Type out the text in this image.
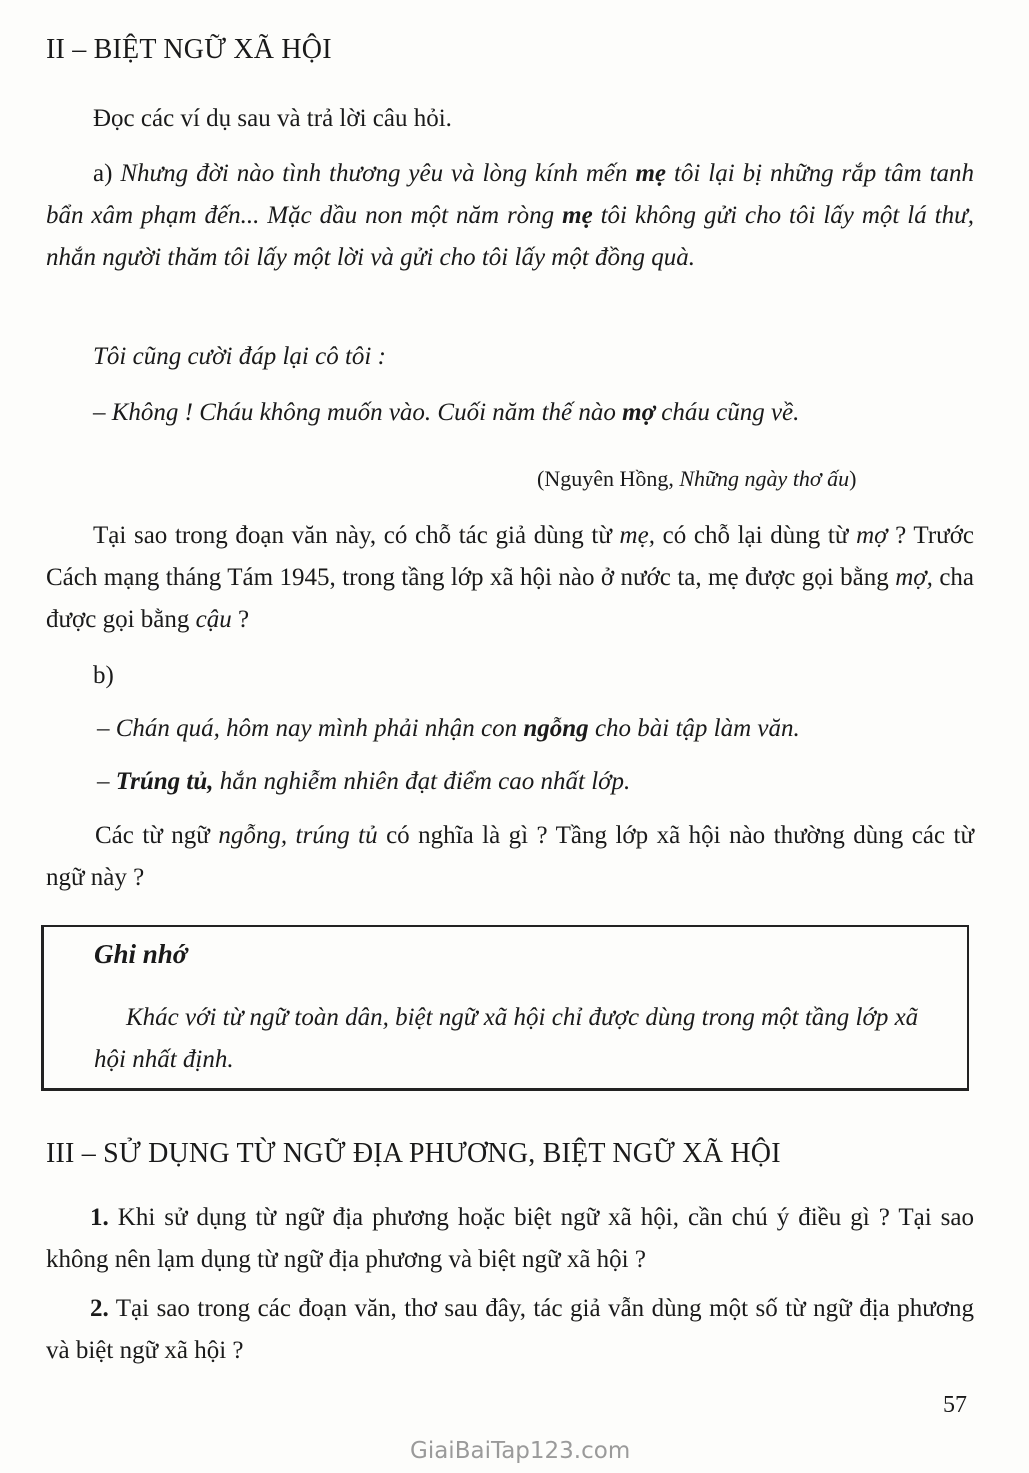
II – BIỆT NGỮ XÃ HỘI

Đọc các ví dụ sau và trả lời câu hỏi.

a) Nhưng đời nào tình thương yêu và lòng kính mến mẹ tôi lại bị những rắp tâm tanh bẩn xâm phạm đến... Mặc dầu non một năm ròng mẹ tôi không gửi cho tôi lấy một lá thư, nhắn người thăm tôi lấy một lời và gửi cho tôi lấy một đồng quà.

Tôi cũng cười đáp lại cô tôi :

– Không ! Cháu không muốn vào. Cuối năm thế nào mợ cháu cũng về.

(Nguyên Hồng, Những ngày thơ ấu)

Tại sao trong đoạn văn này, có chỗ tác giả dùng từ mẹ, có chỗ lại dùng từ mợ ? Trước Cách mạng tháng Tám 1945, trong tầng lớp xã hội nào ở nước ta, mẹ được gọi bằng mợ, cha được gọi bằng cậu ?

b)

– Chán quá, hôm nay mình phải nhận con ngỗng cho bài tập làm văn.

– Trúng tủ, hắn nghiễm nhiên đạt điểm cao nhất lớp.

Các từ ngữ ngỗng, trúng tủ có nghĩa là gì ? Tầng lớp xã hội nào thường dùng các từ ngữ này ?

Ghi nhớ

Khác với từ ngữ toàn dân, biệt ngữ xã hội chỉ được dùng trong một tầng lớp xã hội nhất định.

III – SỬ DỤNG TỪ NGỮ ĐỊA PHƯƠNG, BIỆT NGỮ XÃ HỘI

1. Khi sử dụng từ ngữ địa phương hoặc biệt ngữ xã hội, cần chú ý điều gì ? Tại sao không nên lạm dụng từ ngữ địa phương và biệt ngữ xã hội ?

2. Tại sao trong các đoạn văn, thơ sau đây, tác giả vẫn dùng một số từ ngữ địa phương và biệt ngữ xã hội ?

57

GiaiBaiTap123.com
